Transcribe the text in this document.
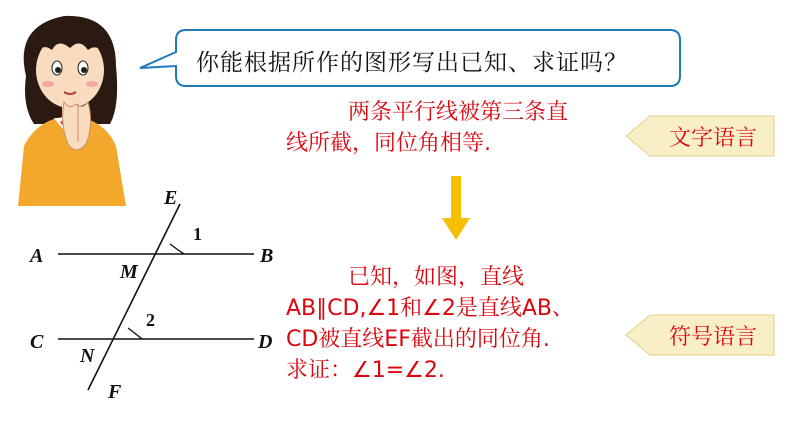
你能根据所作的图形写出已知、求证吗？
两条平行线被第三条直
线所截，同位角相等.
已知，如图，直线
AB∥CD,∠1和∠2是直线AB、
CD被直线EF截出的同位角.
求证：∠1=∠2.
文字语言
符号语言
E
A	B
M
C	D
N
F
1
2
